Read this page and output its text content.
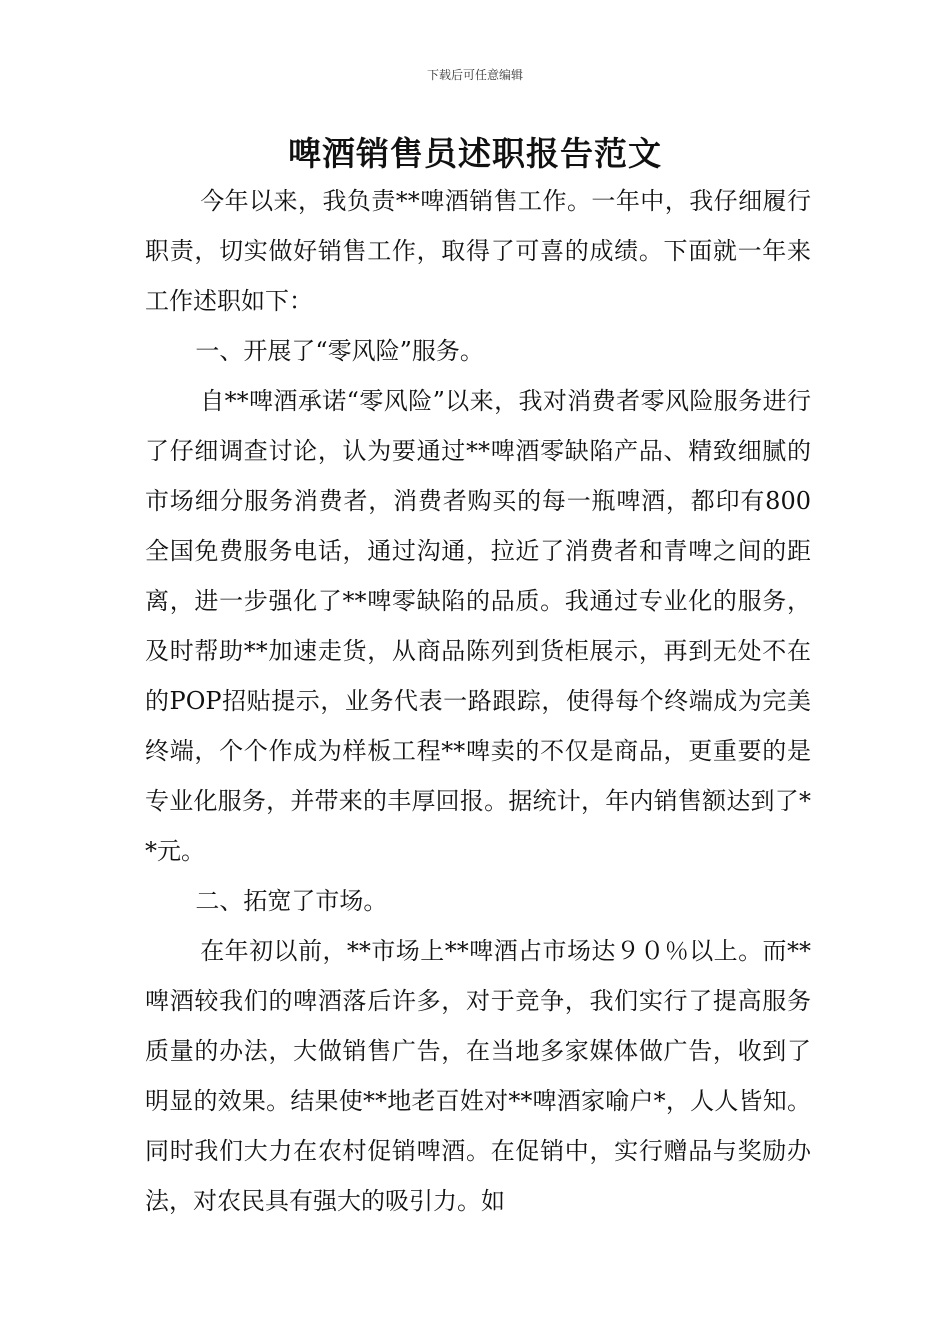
下载后可任意编辑
啤酒销售员述职报告范文

今年以来，我负责**啤酒销售工作。一年中，我仔细履行职责，切实做好销售工作，取得了可喜的成绩。下面就一年来工作述职如下：

一、开展了“零风险”服务。

自**啤酒承诺“零风险”以来，我对消费者零风险服务进行了仔细调查讨论，认为要通过**啤酒零缺陷产品、精致细腻的市场细分服务消费者，消费者购买的每一瓶啤酒，都印有800全国免费服务电话，通过沟通，拉近了消费者和青啤之间的距离，进一步强化了**啤零缺陷的品质。我通过专业化的服务，及时帮助**加速走货，从商品陈列到货柜展示，再到无处不在的POP招贴提示，业务代表一路跟踪，使得每个终端成为完美终端，个个作成为样板工程**啤卖的不仅是商品，更重要的是专业化服务，并带来的丰厚回报。据统计，年内销售额达到了**元。

二、拓宽了市场。

在年初以前，**市场上**啤酒占市场达９０％以上。而**啤酒较我们的啤酒落后许多，对于竞争，我们实行了提高服务质量的办法，大做销售广告，在当地多家媒体做广告，收到了明显的效果。结果使**地老百姓对**啤酒家喻户*，人人皆知。同时我们大力在农村促销啤酒。在促销中，实行赠品与奖励办法，对农民具有强大的吸引力。如
